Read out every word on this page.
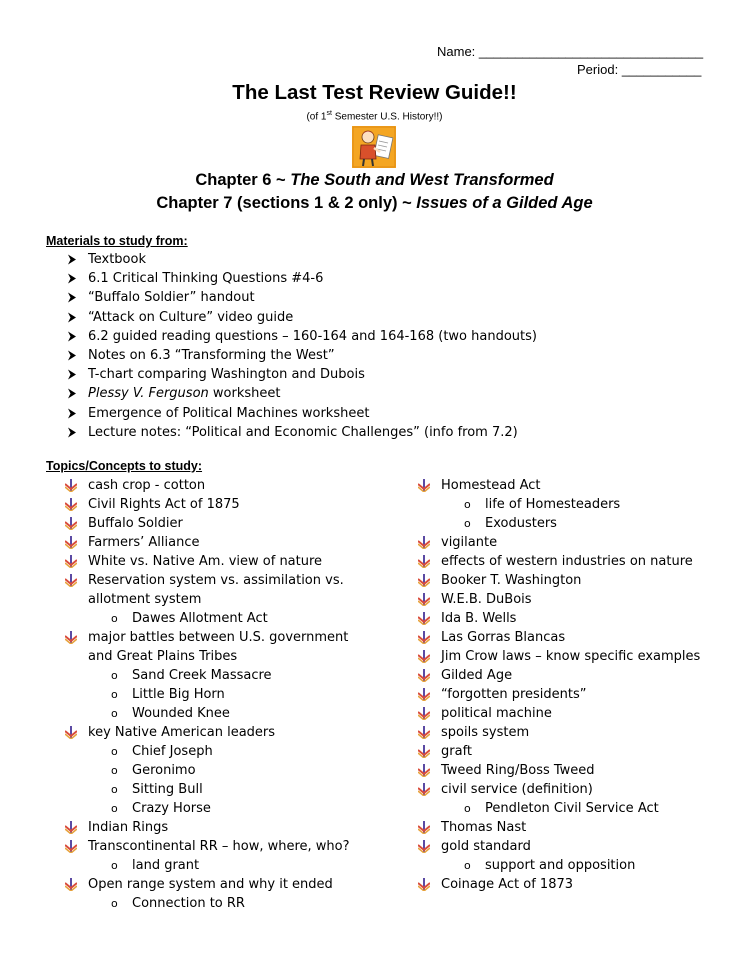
Name: _______________________________
Period: ___________
The Last Test Review Guide!!
(of 1st Semester U.S. History!!)
Chapter 6 ~ The South and West Transformed
Chapter 7 (sections 1 & 2 only) ~ Issues of a Gilded Age
Materials to study from:
Textbook
6.1 Critical Thinking Questions #4-6
“Buffalo Soldier” handout
“Attack on Culture” video guide
6.2 guided reading questions – 160-164 and 164-168 (two handouts)
Notes on 6.3 “Transforming the West”
T-chart comparing Washington and Dubois
Plessy V. Ferguson worksheet
Emergence of Political Machines worksheet
Lecture notes: “Political and Economic Challenges” (info from 7.2)
Topics/Concepts to study:
cash crop - cotton
Civil Rights Act of 1875
Buffalo Soldier
Farmers’ Alliance
White vs. Native Am. view of nature
Reservation system vs. assimilation vs.
allotment system
o Dawes Allotment Act
major battles between U.S. government
and Great Plains Tribes
o Sand Creek Massacre
o Little Big Horn
o Wounded Knee
key Native American leaders
o Chief Joseph
o Geronimo
o Sitting Bull
o Crazy Horse
Indian Rings
Transcontinental RR – how, where, who?
o land grant
Open range system and why it ended
o Connection to RR
Homestead Act
o life of Homesteaders
o Exodusters
vigilante
effects of western industries on nature
Booker T. Washington
W.E.B. DuBois
Ida B. Wells
Las Gorras Blancas
Jim Crow laws – know specific examples
Gilded Age
“forgotten presidents”
political machine
spoils system
graft
Tweed Ring/Boss Tweed
civil service (definition)
o Pendleton Civil Service Act
Thomas Nast
gold standard
o support and opposition
Coinage Act of 1873
